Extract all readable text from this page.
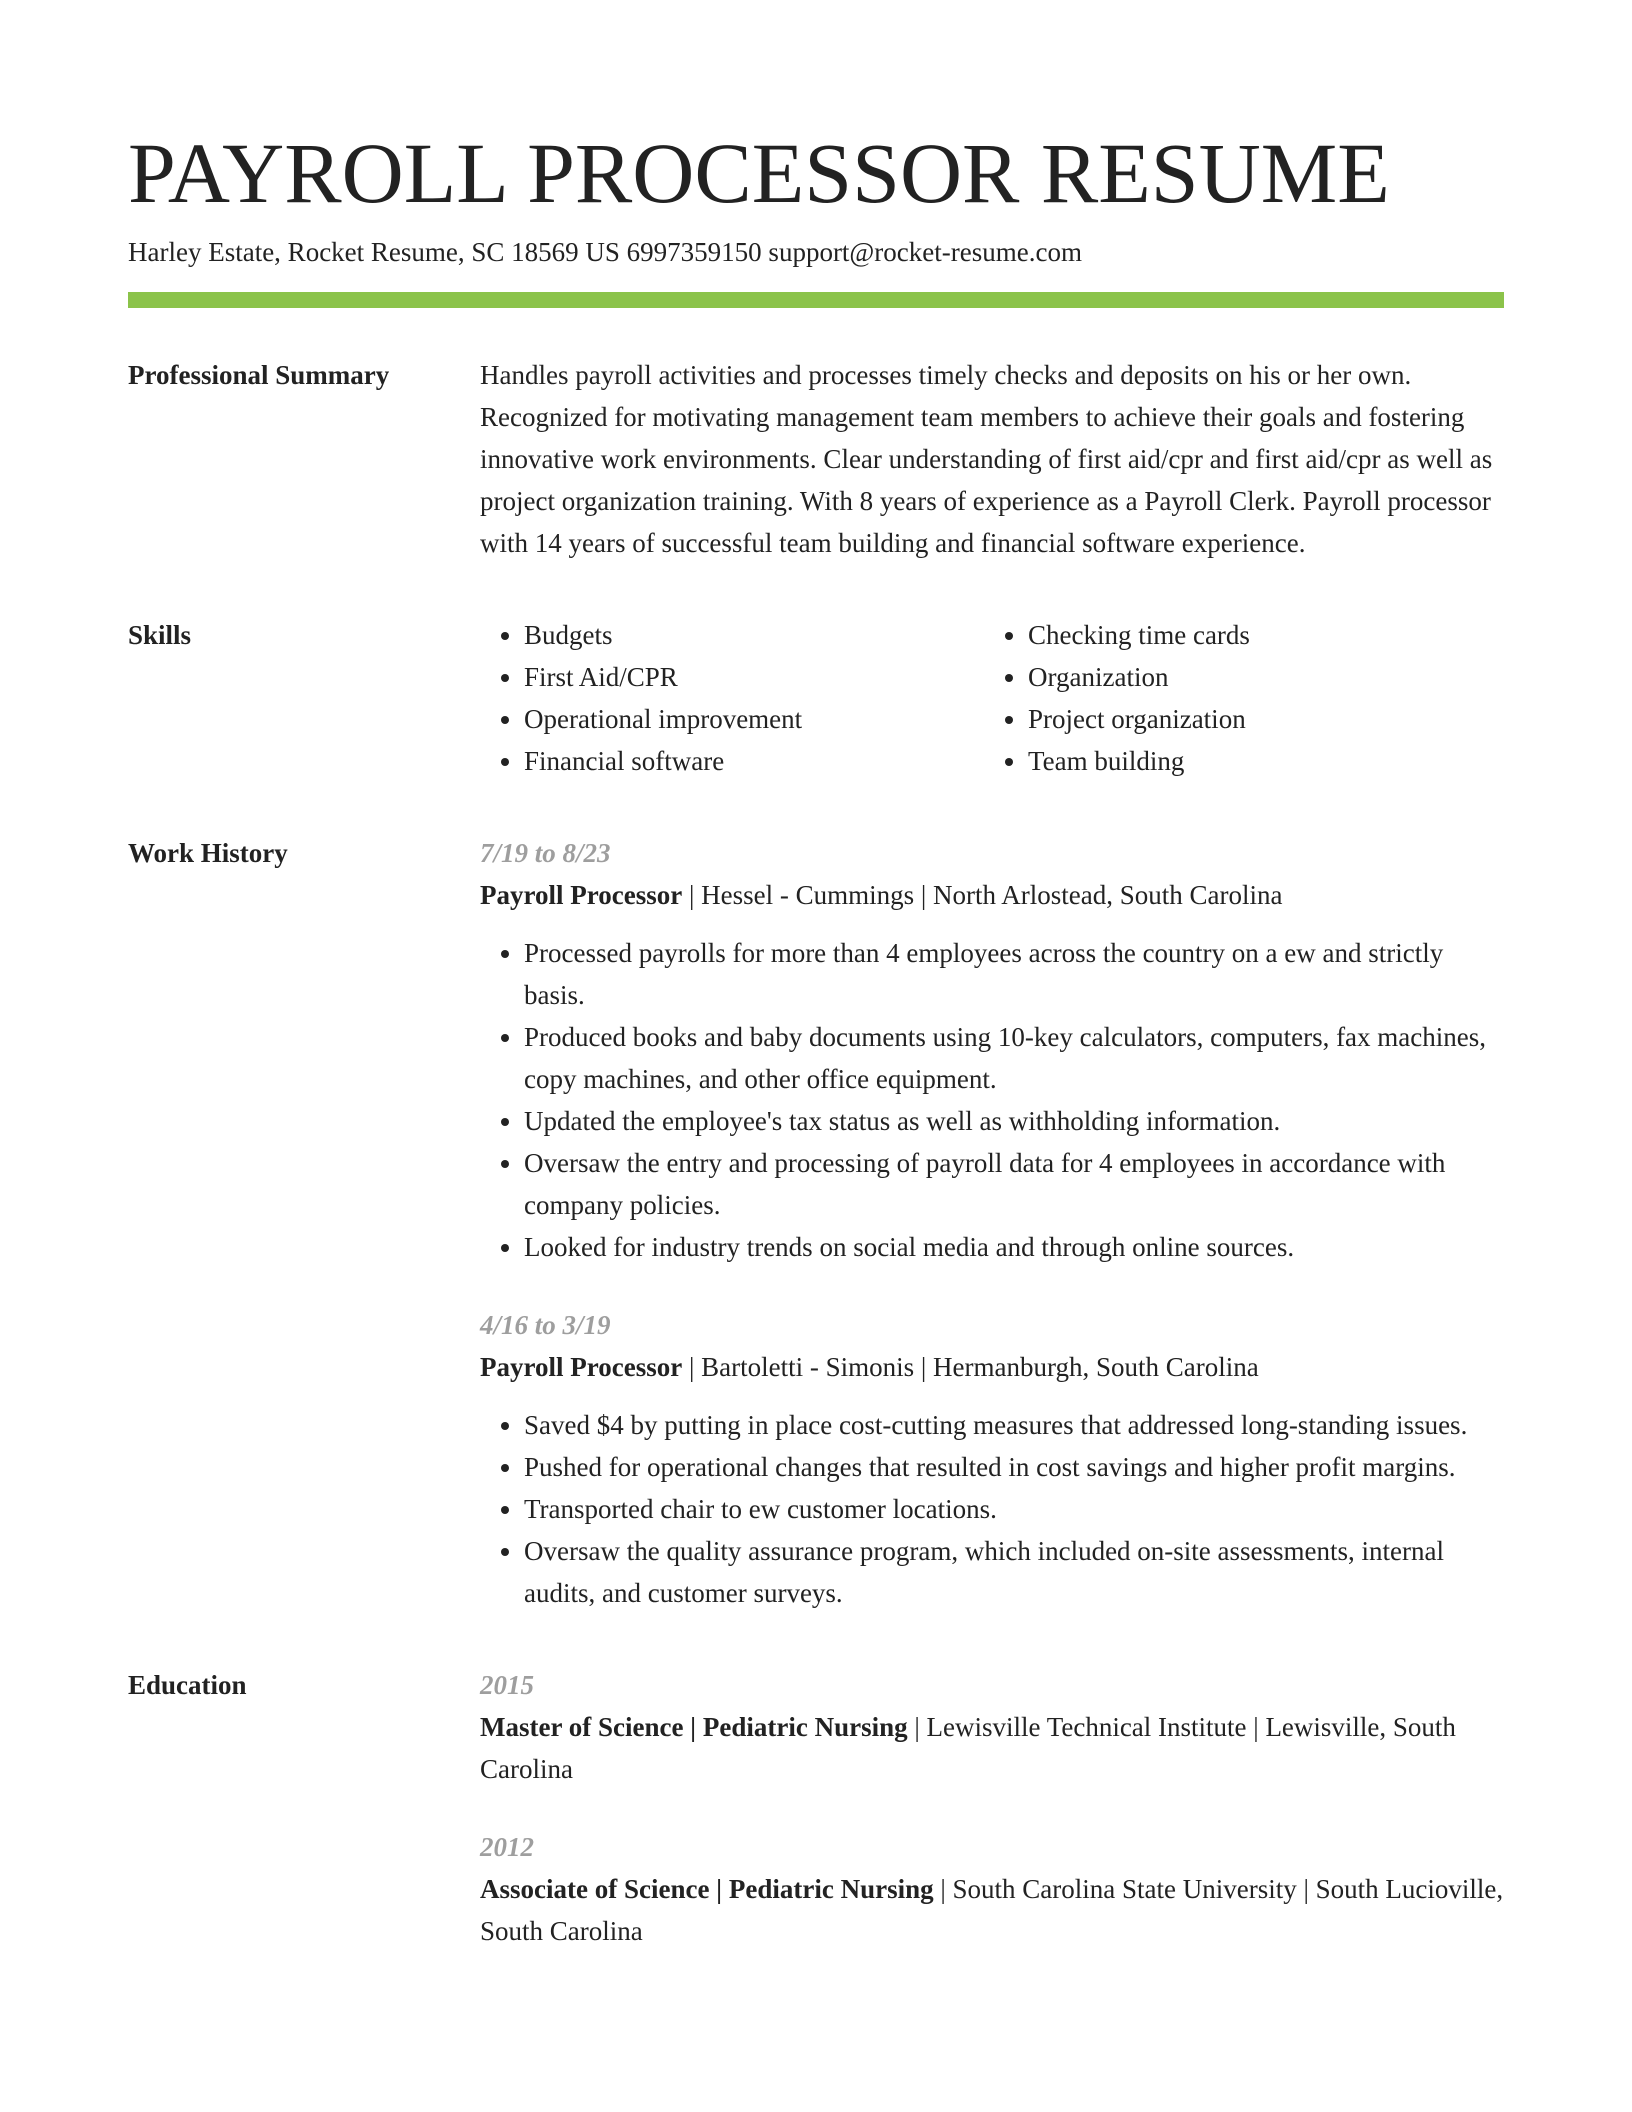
PAYROLL PROCESSOR RESUME
Harley Estate, Rocket Resume, SC 18569 US 6997359150 support@rocket-resume.com
Professional Summary	Handles payroll activities and processes timely checks and deposits on his or her own. Recognized for motivating management team members to achieve their goals and fostering innovative work environments. Clear understanding of first aid/cpr and first aid/cpr as well as project organization training. With 8 years of experience as a Payroll Clerk. Payroll processor with 14 years of successful team building and financial software experience.

Skills
•	Budgets
• First Aid/CPR
• Operational improvement
• Financial software
• Checking time cards
• Organization
• Project organization
• Team building
Work History	7/19 to 8/23
Payroll Processor | Hessel - Cummings | North Arlostead, South Carolina
• Processed payrolls for more than 4 employees across the country on a ew and strictly basis.
• Produced books and baby documents using 10-key calculators, computers, fax machines, copy machines, and other office equipment.
• Updated the employee's tax status as well as withholding information.
• Oversaw the entry and processing of payroll data for 4 employees in accordance with company policies.
• Looked for industry trends on social media and through online sources.
4/16 to 3/19
Payroll Processor | Bartoletti - Simonis | Hermanburgh, South Carolina
• Saved $4 by putting in place cost-cutting measures that addressed long-standing issues.
• Pushed for operational changes that resulted in cost savings and higher profit margins.
• Transported chair to ew customer locations.
• Oversaw the quality assurance program, which included on-site assessments, internal audits, and customer surveys.
Education	2015
Master of Science | Pediatric Nursing | Lewisville Technical Institute | Lewisville, South Carolina
2012
Associate of Science | Pediatric Nursing | South Carolina State University | South Lucioville, South Carolina
